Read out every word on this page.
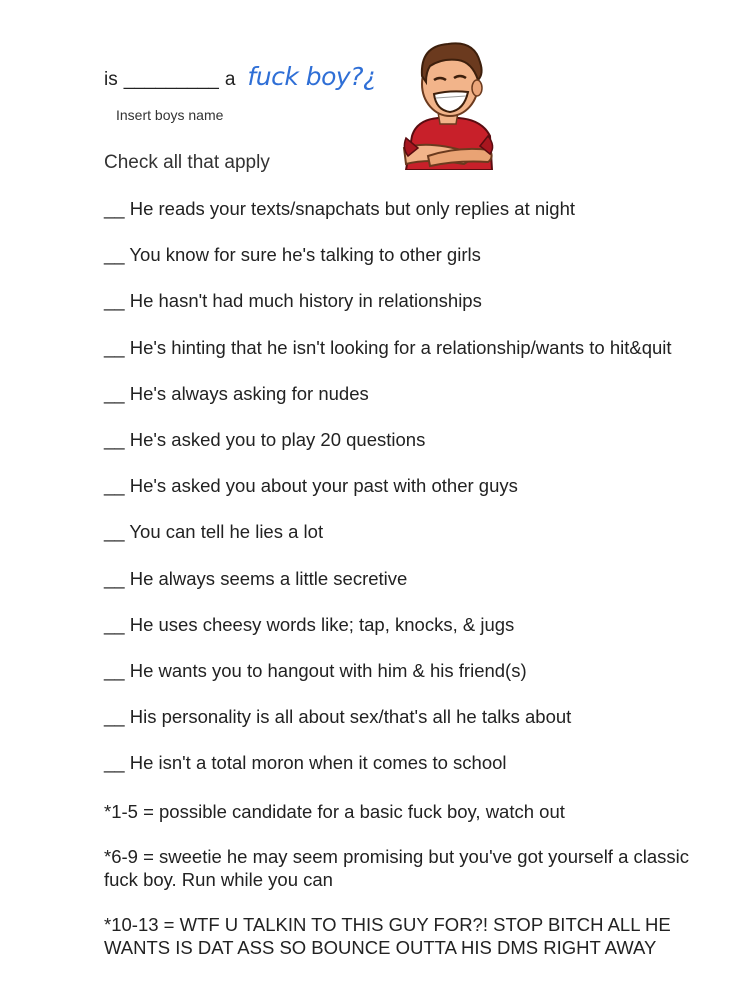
is _________ a fuck boy?¿
Insert boys name
Check all that apply
__ He reads your texts/snapchats but only replies at night
__ You know for sure he's talking to other girls
__ He hasn't had much history in relationships
__ He's hinting that he isn't looking for a relationship/wants to hit&quit
__ He's always asking for nudes
__ He's asked you to play 20 questions
__ He's asked you about your past with other guys
__ You can tell he lies a lot
__ He always seems a little secretive
__ He uses cheesy words like; tap, knocks, & jugs
__ He wants you to hangout with him & his friend(s)
__ His personality is all about sex/that's all he talks about
__ He isn't a total moron when it comes to school

*1-5 = possible candidate for a basic fuck boy, watch out

*6-9 = sweetie he may seem promising but you've got yourself a classic fuck boy. Run while you can

*10-13 = WTF U TALKIN TO THIS GUY FOR?! STOP BITCH ALL HE WANTS IS DAT ASS SO BOUNCE OUTTA HIS DMS RIGHT AWAY
